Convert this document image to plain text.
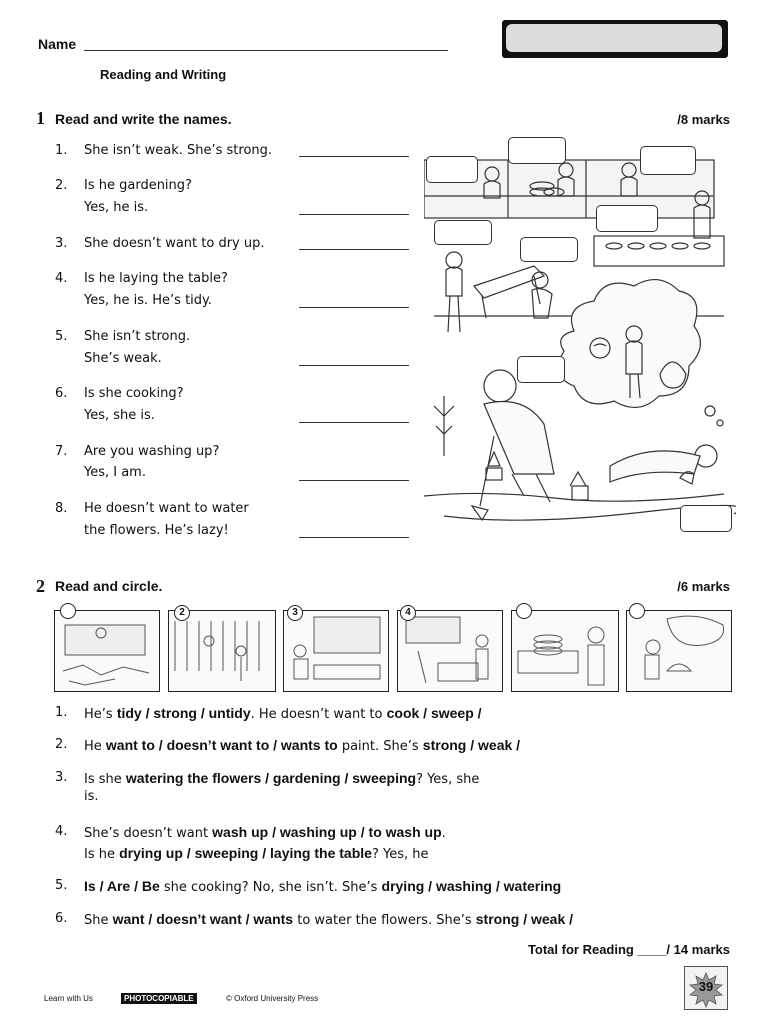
Name
Reading and Writing
1 Read and write the names.	/8 marks
1. She isn’t weak. She’s strong.
2. Is he gardening?
Yes, he is.
3. She doesn’t want to dry up.
4. Is he laying the table?
Yes, he is. He’s tidy.
5. She isn’t strong.
She’s weak.
6. Is she cooking?
Yes, she is.
7. Are you washing up?
Yes, I am.
8. He doesn’t want to water
the flowers. He’s lazy!
2 Read and circle.	/6 marks
2	3	4
1. He’s tidy / strong / untidy. He doesn’t want to cook / sweep /
2. He want to / doesn’t want to / wants to paint. She’s strong / weak /
3. Is she watering the flowers / gardening / sweeping? Yes, she
is.
4. She’s doesn’t want wash up / washing up / to wash up.
Is he drying up / sweeping / laying the table? Yes, he
5. Is / Are / Be she cooking? No, she isn’t. She’s drying / washing / watering
6. She want / doesn’t want / wants to water the flowers. She’s strong / weak /
Total for Reading ____/ 14 marks
Learn with Us	PHOTOCOPIABLE	© Oxford University Press
39
